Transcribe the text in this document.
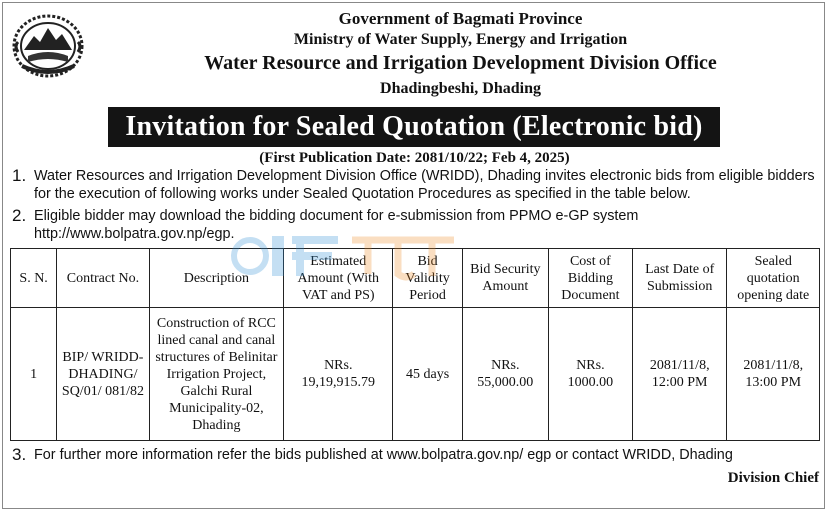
Government of Bagmati Province
Ministry of Water Supply, Energy and Irrigation
Water Resource and Irrigation Development Division Office
Dhadingbeshi, Dhading
Invitation for Sealed Quotation (Electronic bid)
(First Publication Date: 2081/10/22; Feb 4, 2025)
1. Water Resources and Irrigation Development Division Office (WRIDD), Dhading invites electronic bids from eligible bidders for the execution of following works under Sealed Quotation Procedures as specified in the table below.
2. Eligible bidder may download the bidding document for e-submission from PPMO e-GP system http://www.bolpatra.gov.np/egp.
S. N.	Contract No.	Description	Estimated Amount (With VAT and PS)	Bid Validity Period	Bid Security Amount	Cost of Bidding Document	Last Date of Submission	Sealed quotation opening date
1	BIP/ WRIDD-DHADING/ SQ/01/ 081/82	Construction of RCC lined canal and canal structures of Belinitar Irrigation Project, Galchi Rural Municipality-02, Dhading	NRs. 19,19,915.79	45 days	NRs. 55,000.00	NRs. 1000.00	2081/11/8, 12:00 PM	2081/11/8, 13:00 PM
3. For further more information refer the bids published at www.bolpatra.gov.np/ egp or contact WRIDD, Dhading
Division Chief
